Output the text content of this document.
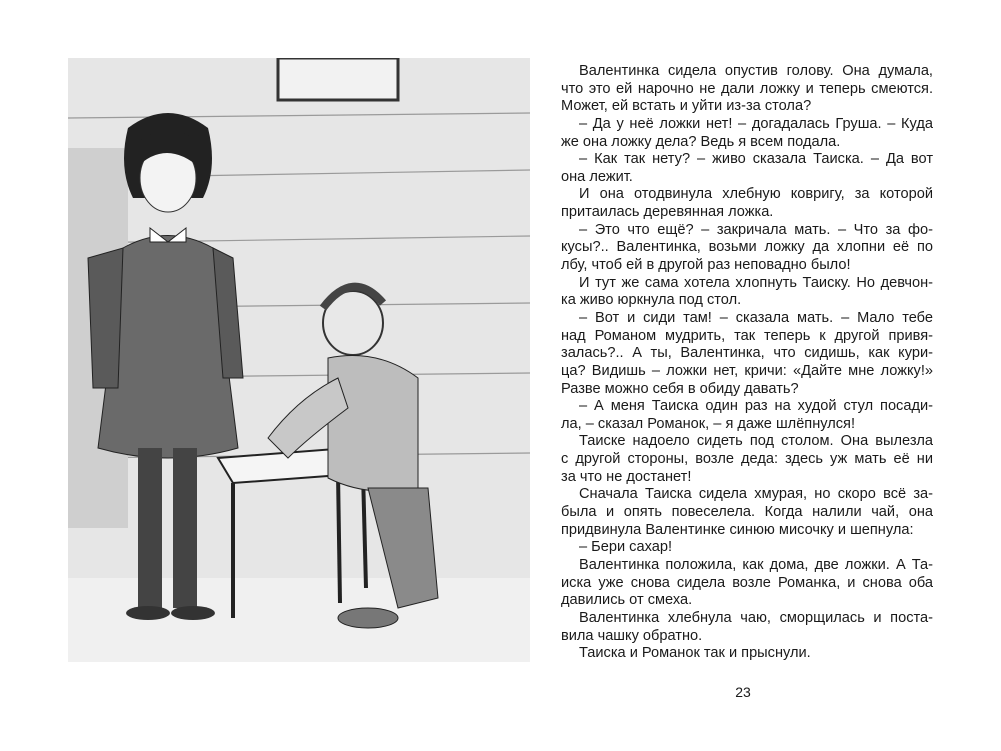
Валентинка сидела опустив голову. Она думала,
что это ей нарочно не дали ложку и теперь смеются.
Может, ей встать и уйти из-за стола?
– Да у неё ложки нет! – догадалась Груша. – Куда
же она ложку дела? Ведь я всем подала.
– Как так нету? – живо сказала Таиска. – Да вот
она лежит.
И она отодвинула хлебную ковригу, за которой
притаилась деревянная ложка.
– Это что ещё? – закричала мать. – Что за фо-
кусы?.. Валентинка, возьми ложку да хлопни её по
лбу, чтоб ей в другой раз неповадно было!
И тут же сама хотела хлопнуть Таиску. Но девчон-
ка живо юркнула под стол.
– Вот и сиди там! – сказала мать. – Мало тебе
над Романом мудрить, так теперь к другой привя-
залась?.. А ты, Валентинка, что сидишь, как кури-
ца? Видишь – ложки нет, кричи: «Дайте мне ложку!»
Разве можно себя в обиду давать?
– А меня Таиска один раз на худой стул посади-
ла, – сказал Романок, – я даже шлёпнулся!
Таиске надоело сидеть под столом. Она вылезла
с другой стороны, возле деда: здесь уж мать её ни
за что не достанет!
Сначала Таиска сидела хмурая, но скоро всё за-
была и опять повеселела. Когда налили чай, она
придвинула Валентинке синюю мисочку и шепнула:
– Бери сахар!
Валентинка положила, как дома, две ложки. А Та-
иска уже снова сидела возле Романка, и снова оба
давились от смеха.
Валентинка хлебнула чаю, сморщилась и поста-
вила чашку обратно.
Таиска и Романок так и прыснули.
23
